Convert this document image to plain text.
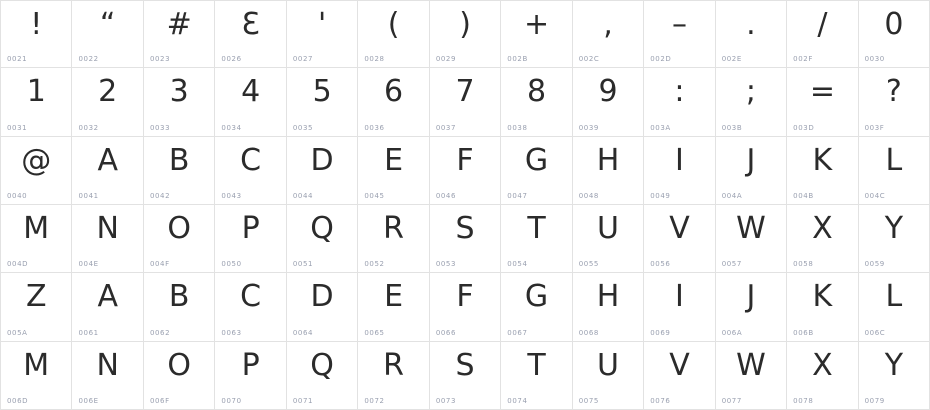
!
0021
“
0022
#
0023
Ɛ
0026
'
0027
(
0028
)
0029
+
002B
,
002C
–
002D
.
002E
/
002F
0
0030
1
0031
2
0032
3
0033
4
0034
5
0035
6
0036
7
0037
8
0038
9
0039
:
003A
;
003B
=
003D
?
003F
@
0040
A
0041
B
0042
C
0043
D
0044
E
0045
F
0046
G
0047
H
0048
I
0049
J
004A
K
004B
L
004C
M
004D
N
004E
O
004F
P
0050
Q
0051
R
0052
S
0053
T
0054
U
0055
V
0056
W
0057
X
0058
Y
0059
Z
005A
A
0061
B
0062
C
0063
D
0064
E
0065
F
0066
G
0067
H
0068
I
0069
J
006A
K
006B
L
006C
M
006D
N
006E
O
006F
P
0070
Q
0071
R
0072
S
0073
T
0074
U
0075
V
0076
W
0077
X
0078
Y
0079
